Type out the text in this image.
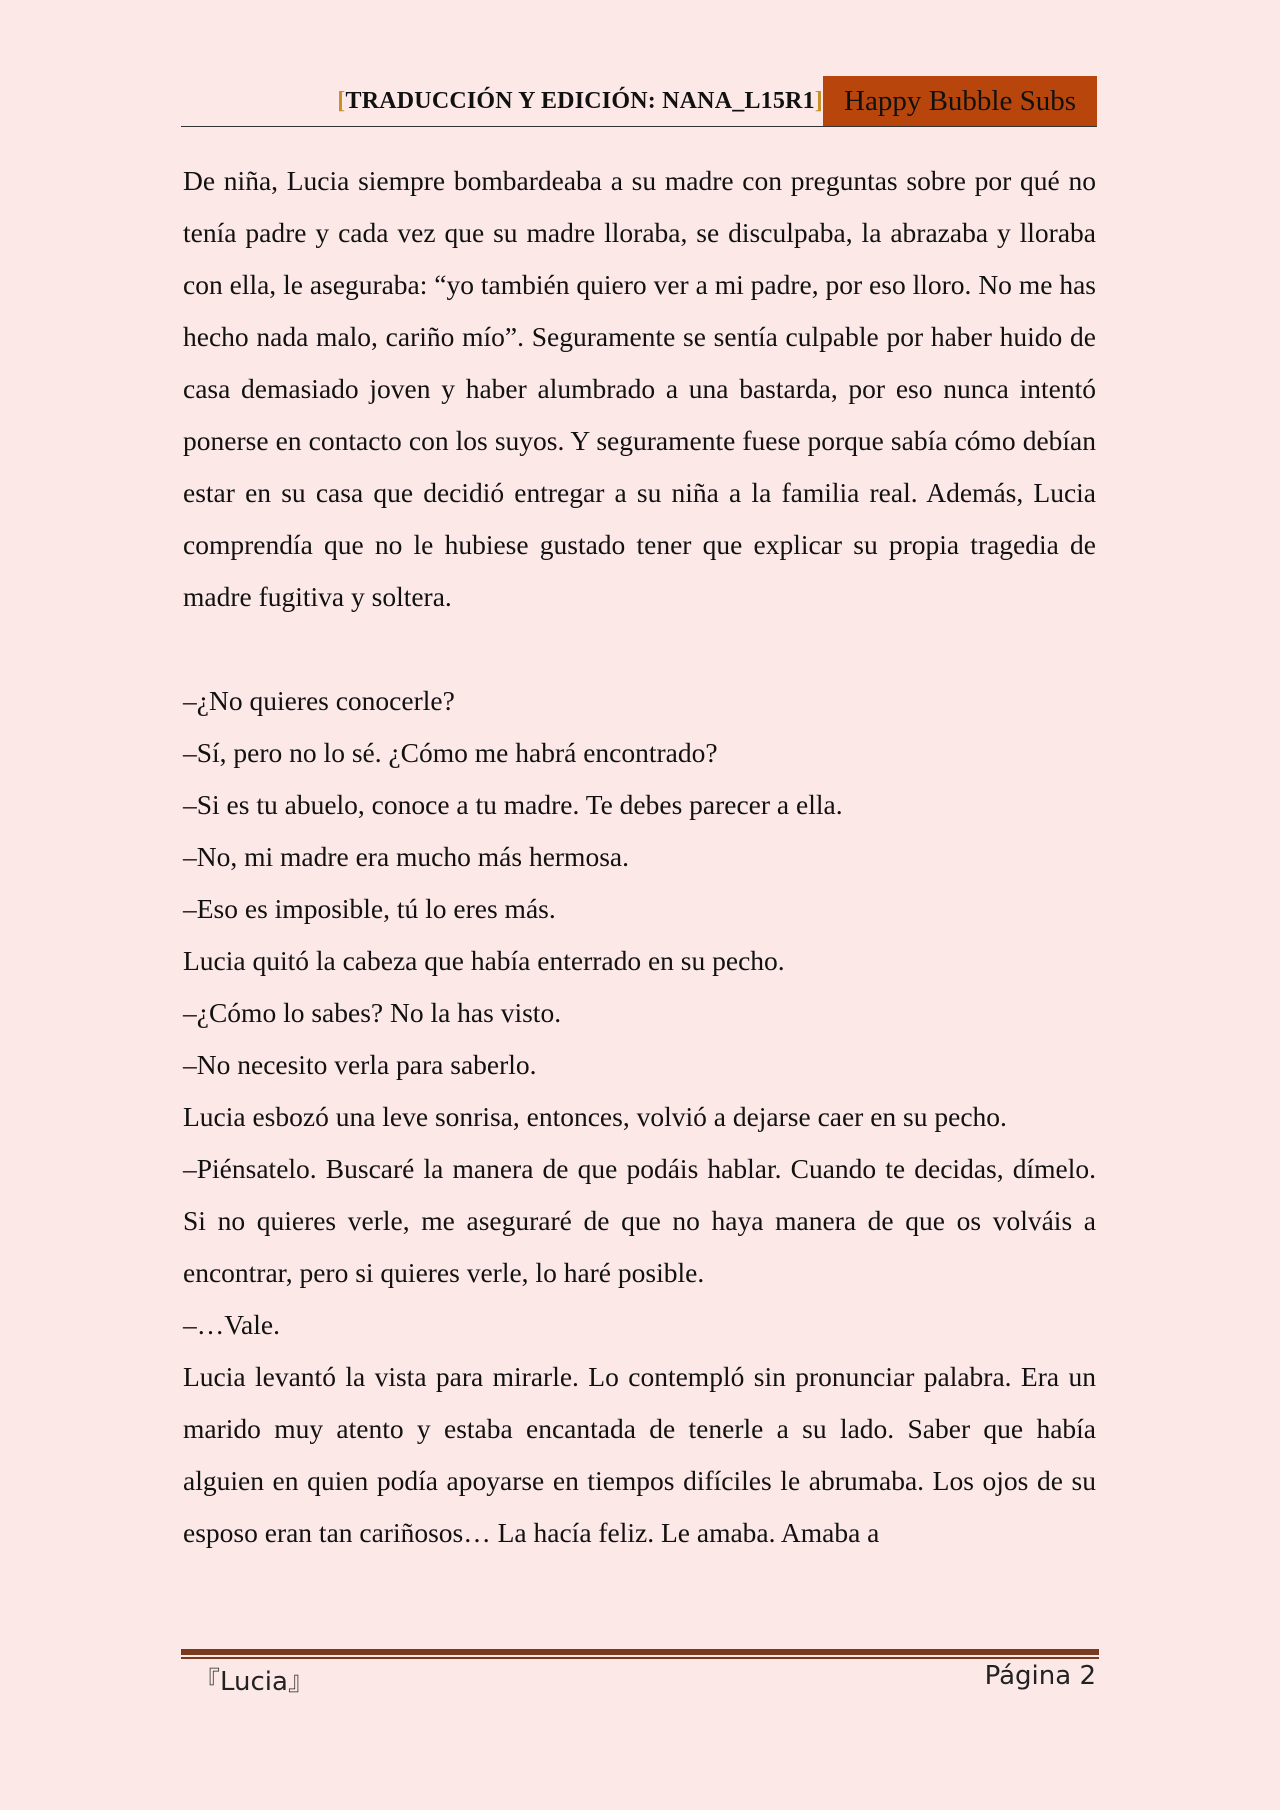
[TRADUCCIÓN Y EDICIÓN: NANA_L15R1] Happy Bubble Subs

De niña, Lucia siempre bombardeaba a su madre con preguntas sobre por qué no tenía padre y cada vez que su madre lloraba, se disculpaba, la abrazaba y lloraba con ella, le aseguraba: “yo también quiero ver a mi padre, por eso lloro. No me has hecho nada malo, cariño mío”. Seguramente se sentía culpable por haber huido de casa demasiado joven y haber alumbrado a una bastarda, por eso nunca intentó ponerse en contacto con los suyos. Y seguramente fuese porque sabía cómo debían estar en su casa que decidió entregar a su niña a la familia real. Además, Lucia comprendía que no le hubiese gustado tener que explicar su propia tragedia de madre fugitiva y soltera.

–¿No quieres conocerle?

–Sí, pero no lo sé. ¿Cómo me habrá encontrado?

–Si es tu abuelo, conoce a tu madre. Te debes parecer a ella.

–No, mi madre era mucho más hermosa.

–Eso es imposible, tú lo eres más.

Lucia quitó la cabeza que había enterrado en su pecho.

–¿Cómo lo sabes? No la has visto.

–No necesito verla para saberlo.

Lucia esbozó una leve sonrisa, entonces, volvió a dejarse caer en su pecho.

–Piénsatelo. Buscaré la manera de que podáis hablar. Cuando te decidas, dímelo. Si no quieres verle, me aseguraré de que no haya manera de que os volváis a encontrar, pero si quieres verle, lo haré posible.

–…Vale.

Lucia levantó la vista para mirarle. Lo contempló sin pronunciar palabra. Era un marido muy atento y estaba encantada de tenerle a su lado. Saber que había alguien en quien podía apoyarse en tiempos difíciles le abrumaba. Los ojos de su esposo eran tan cariñosos… La hacía feliz. Le amaba. Amaba a

『Lucia』	Página 2
